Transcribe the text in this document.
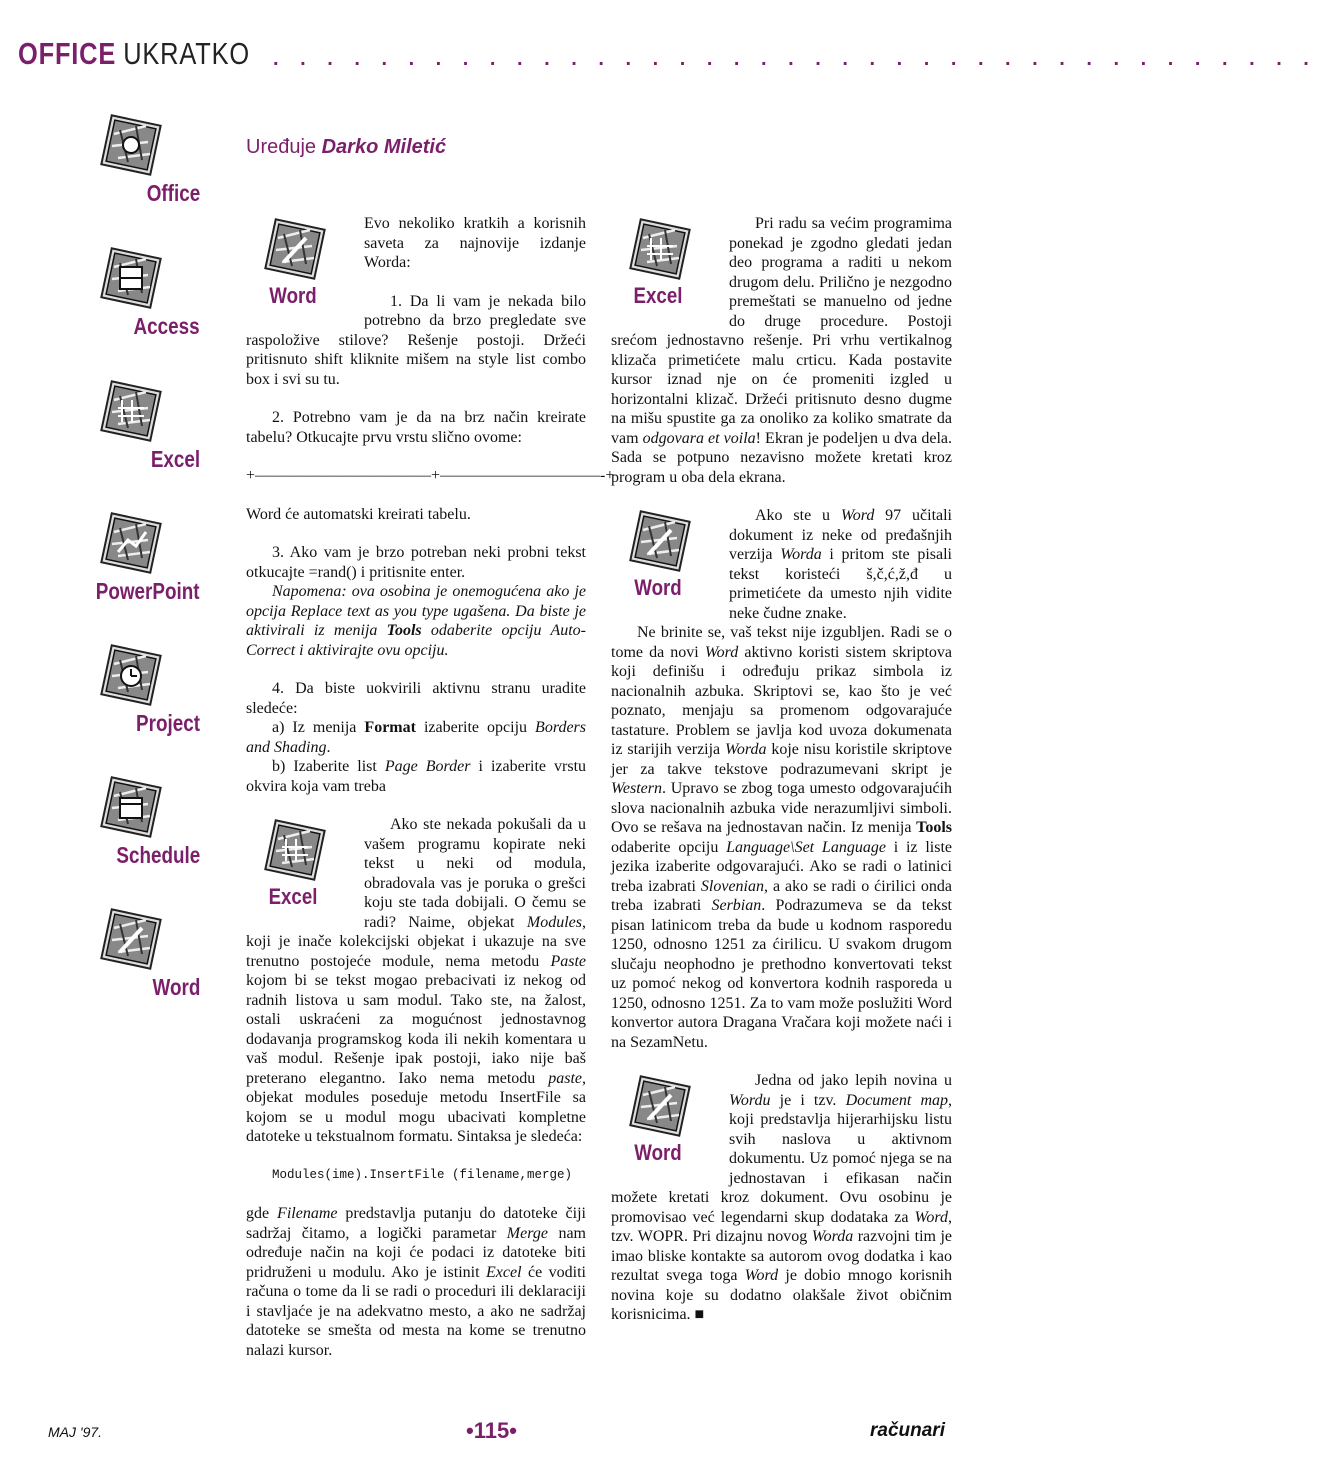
OFFICE UKRATKO . . . . . . . . . . . . . . . . . . . . . . . . . . . . . . . . . . . . . . .
Uređuje Darko Miletić
Office
Access
Excel
PowerPoint
Project
Schedule
Word
Word

Evo nekoliko kratkih a korisnih saveta za najnovije izdanje Worda:

1. Da li vam je nekada bilo potrebno da brzo pregledate sve raspoložive stilove? Rešenje postoji. Držeći pritisnuto shift kliknite mišem na style list combo box i svi su tu.

2. Potrebno vam je da na brz način kreirate tabelu? Otkucajte prvu vrstu slično ovome:

+———————————+——————————-+

Word će automatski kreirati tabelu.

3. Ako vam je brzo potreban neki probni tekst otkucajte =rand() i pritisnite enter.

Napomena: ova osobina je onemogućena ako je opcija Replace text as you type ugašena. Da biste je aktivirali iz menija Tools odaberite opciju Auto-Correct i aktivirajte ovu opciju.

4. Da biste uokvirili aktivnu stranu uradite sledeće:

a) Iz menija Format izaberite opciju Borders and Shading.

b) Izaberite list Page Border i izaberite vrstu okvira koja vam treba

Excel

Ako ste nekada pokušali da u vašem programu kopirate neki tekst u neki od modula, obradovala vas je poruka o grešci koju ste tada dobijali. O čemu se radi? Naime, objekat Modules, koji je inače kolekcijski objekat i ukazuje na sve trenutno postojeće module, nema metodu Paste kojom bi se tekst mogao prebacivati iz nekog od radnih listova u sam modul. Tako ste, na žalost, ostali uskraćeni za mogućnost jednostavnog dodavanja programskog koda ili nekih komentara u vaš modul. Rešenje ipak postoji, iako nije baš preterano elegantno. Iako nema metodu paste, objekat modules poseduje metodu InsertFile sa kojom se u modul mogu ubacivati kompletne datoteke u tekstualnom formatu. Sintaksa je sledeća:

Modules(ime).InsertFile (filename,merge)

gde Filename predstavlja putanju do datoteke čiji sadržaj čitamo, a logički parametar Merge nam određuje način na koji će podaci iz datoteke biti pridruženi u modulu. Ako je istinit Excel će voditi računa o tome da li se radi o proceduri ili deklaraciji i stavljaće je na adekvatno mesto, a ako ne sadržaj datoteke se smešta od mesta na kome se trenutno nalazi kursor.

Excel

Pri radu sa većim programima ponekad je zgodno gledati jedan deo programa a raditi u nekom drugom delu. Prilično je nezgodno premeštati se manuelno od jedne do druge procedure. Postoji srećom jednostavno rešenje. Pri vrhu vertikalnog klizača primetićete malu crticu. Kada postavite kursor iznad nje on će promeniti izgled u horizontalni klizač. Držeći pritisnuto desno dugme na mišu spustite ga za onoliko za koliko smatrate da vam odgovara et voila! Ekran je podeljen u dva dela. Sada se potpuno nezavisno možete kretati kroz program u oba dela ekrana.

Word

Ako ste u Word 97 učitali dokument iz neke od prеđašnjih verzija Worda i pritom ste pisali tekst koristeći š,č,ć,ž,đ u primetićete da umesto njih vidite neke čudne znake.

Ne brinite se, vaš tekst nije izgubljen. Radi se o tome da novi Word aktivno koristi sistem skriptova koji definišu i određuju prikaz simbola iz nacionalnih azbuka. Skriptovi se, kao što je već poznato, menjaju sa promenom odgovarajuće tastature. Problem se javlja kod uvoza dokumenata iz starijih verzija Worda koje nisu koristile skriptove jer za takve tekstove podrazumevani skript je Western. Upravo se zbog toga umesto odgovarajućih slova nacionalnih azbuka vide nerazumljivi simboli. Ovo se rešava na jednostavan način. Iz menija Tools odaberite opciju Language\Set Language i iz liste jezika izaberite odgovarajući. Ako se radi o latinici treba izabrati Slovenian, a ako se radi o ćirilici onda treba izabrati Serbian. Podrazumeva se da tekst pisan latinicom treba da bude u kodnom rasporedu 1250, odnosno 1251 za ćirilicu. U svakom drugom slučaju neophodno je prethodno konvertovati tekst uz pomoć nekog od konvertora kodnih rasporeda u 1250, odnosno 1251. Za to vam može poslužiti Word konvertor autora Dragana Vračara koji možete naći i na SezamNetu.

Word

Jedna od jako lepih novina u Wordu je i tzv. Document map, koji predstavlja hijerarhijsku listu svih naslova u aktivnom dokumentu. Uz pomoć njega se na jednostavan i efikasan način možete kretati kroz dokument. Ovu osobinu je promovisao već legendarni skup dodataka za Word, tzv. WOPR. Pri dizajnu novog Worda razvojni tim je imao bliske kontakte sa autorom ovog dodatka i kao rezultat svega toga Word je dobio mnogo korisnih novina koje su dodatno olakšale život običnim korisnicima. ■

MAJ '97.	•115•	računari
